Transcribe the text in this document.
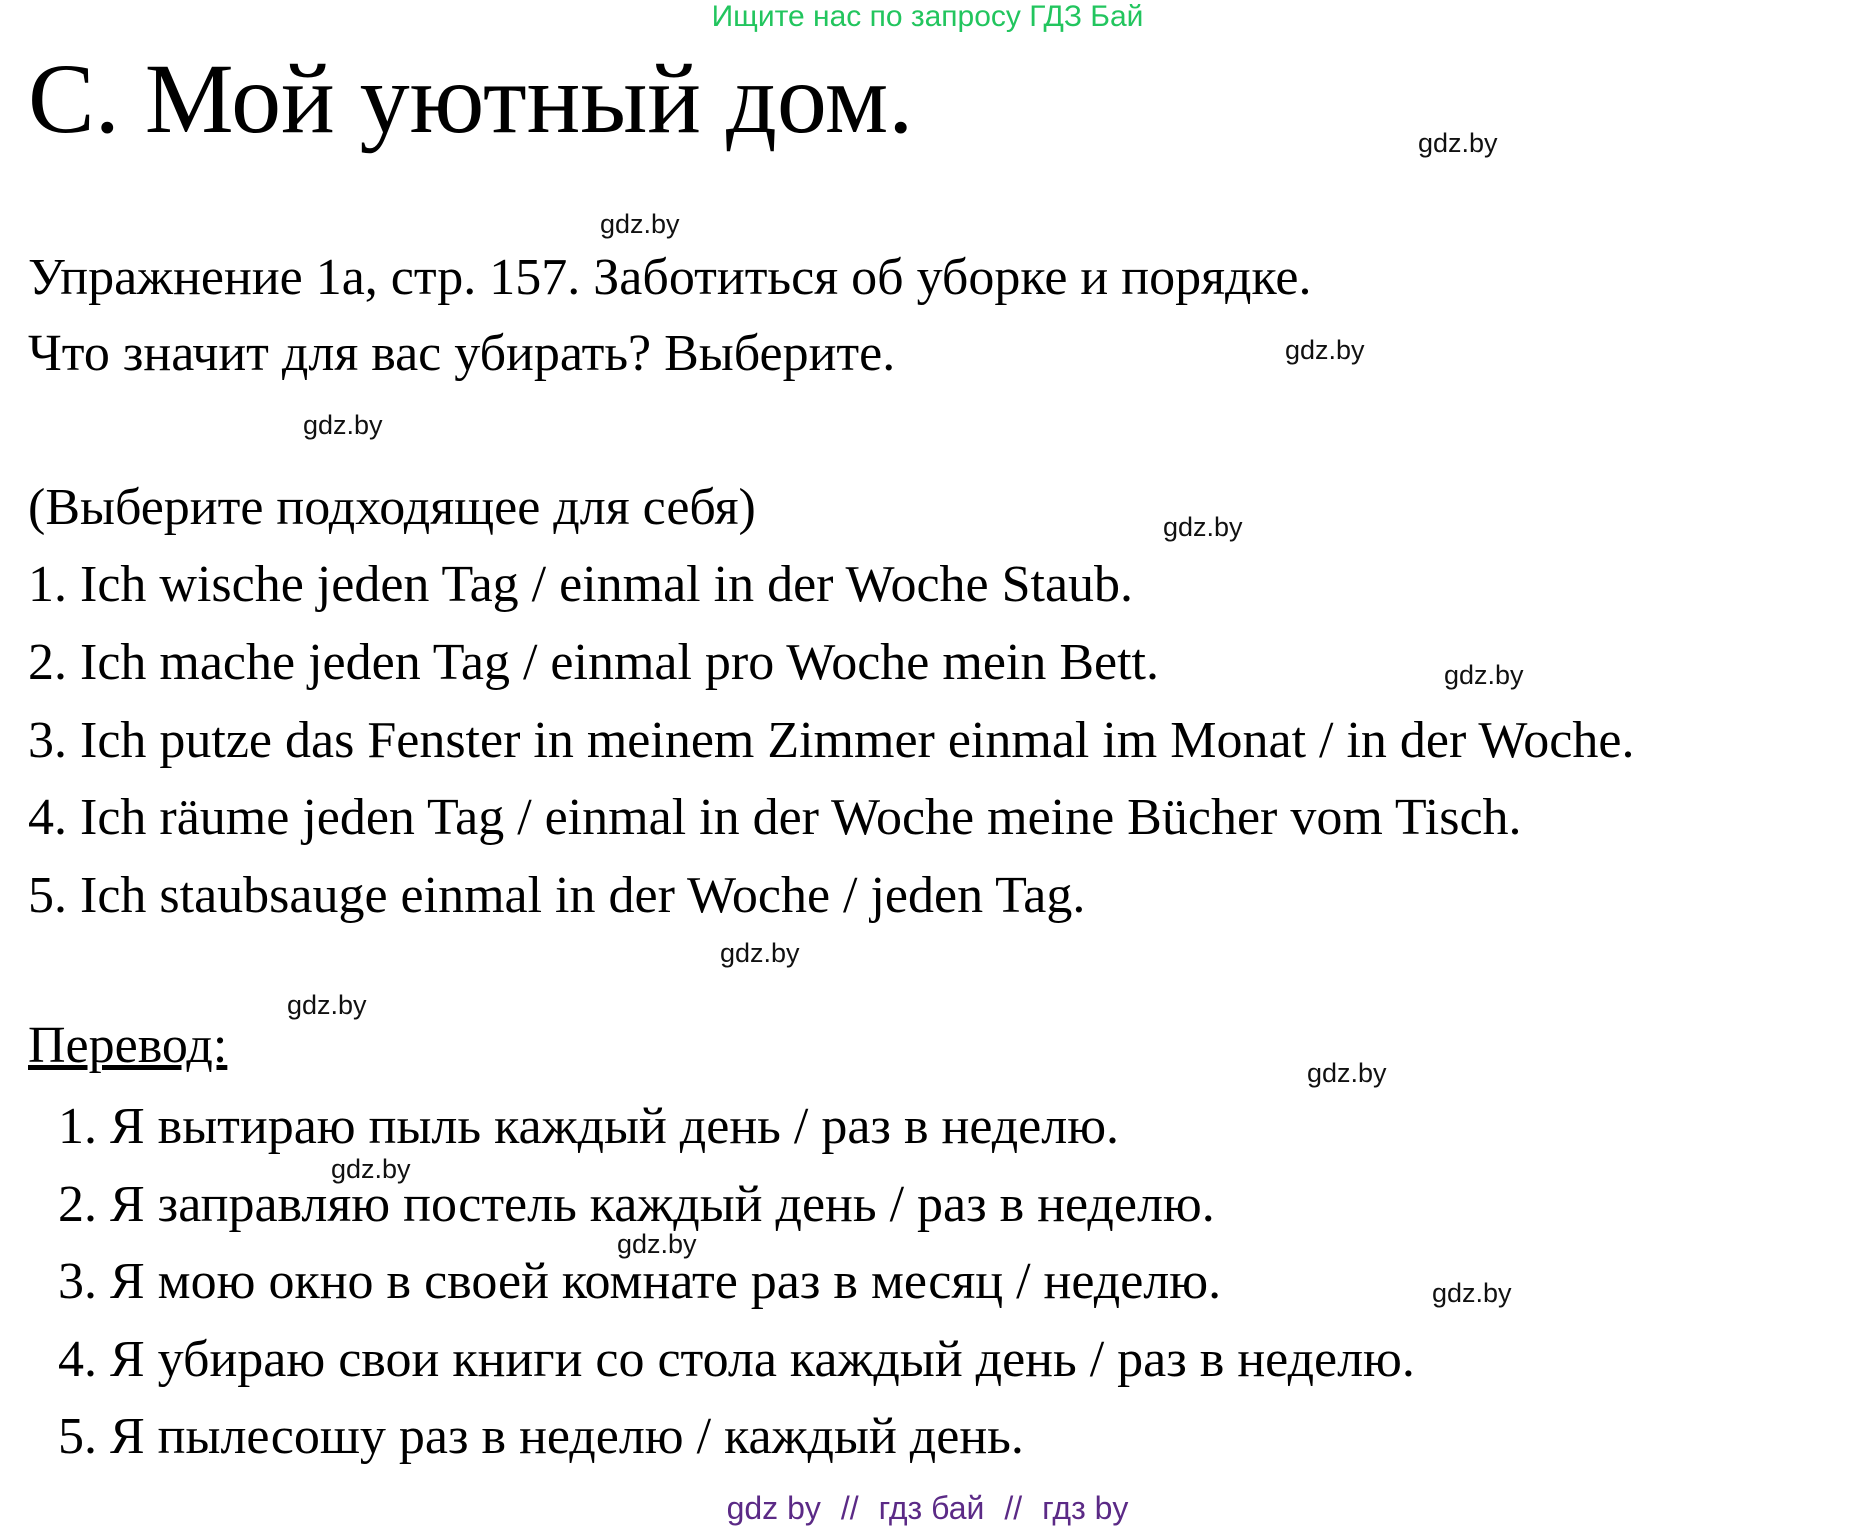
Ищите нас по запросу ГДЗ Бай
С. Мой уютный дом.
Упражнение 1а, стр. 157. Заботиться об уборке и порядке.
Что значит для вас убирать? Выберите.
(Выберите подходящее для себя)
1. Ich wische jeden Tag / einmal in der Woche Staub.
2. Ich mache jeden Tag / einmal pro Woche mein Bett.
3. Ich putze das Fenster in meinem Zimmer einmal im Monat / in der Woche.
4. Ich räume jeden Tag / einmal in der Woche meine Bücher vom Tisch.
5. Ich staubsauge einmal in der Woche / jeden Tag.
Перевод:
1. Я вытираю пыль каждый день / раз в неделю.
2. Я заправляю постель каждый день / раз в неделю.
3. Я мою окно в своей комнате раз в месяц / неделю.
4. Я убираю свои книги со стола каждый день / раз в неделю.
5. Я пылесошу раз в неделю / каждый день.
gdz.by
gdz.by
gdz.by
gdz.by
gdz.by
gdz.by
gdz.by
gdz.by
gdz.by
gdz.by
gdz.by
gdz.by
gdz by // гдз бай // гдз by
